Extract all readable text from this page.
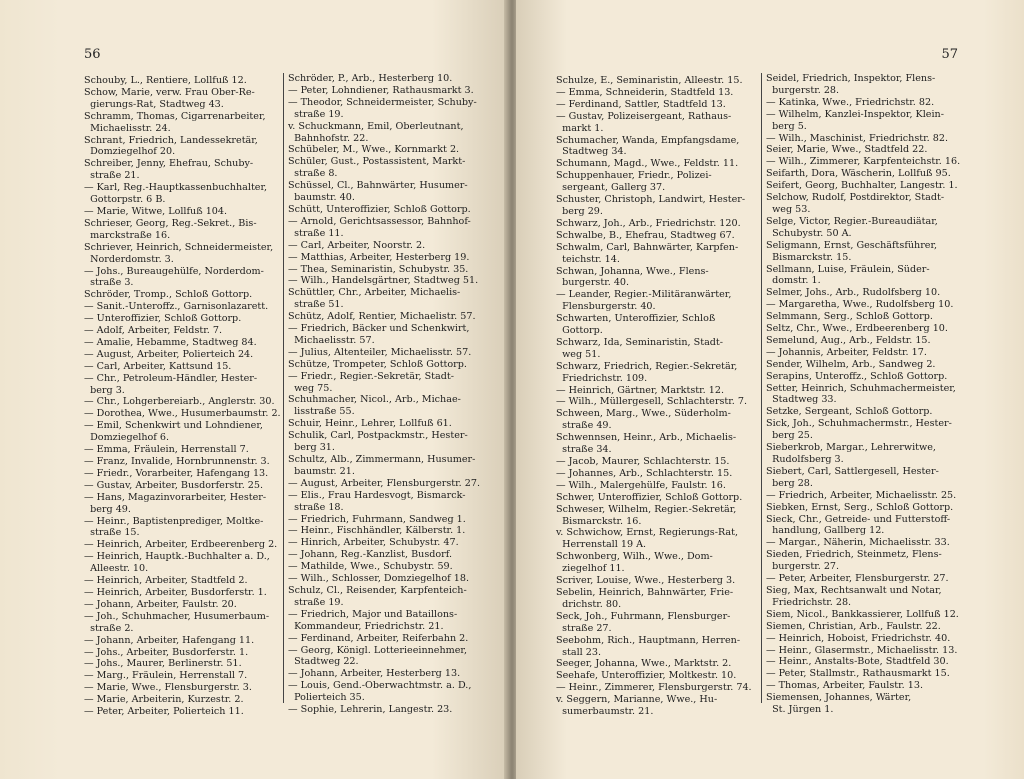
56
Schouby, L., Rentiere, Lollfuß 12.
Schow, Marie, verw. Frau Ober-Re-
gierungs-Rat, Stadtweg 43.
Schramm, Thomas, Cigarrenarbeiter,
Michaelisstr. 24.
Schrant, Friedrich, Landessekretär,
Domziegelhof 20.
Schreiber, Jenny, Ehefrau, Schuby-
straße 21.
— Karl, Reg.-Hauptkassenbuchhalter,
Gottorpstr. 6 B.
— Marie, Witwe, Lollfuß 104.
Schrieser, Georg, Reg.-Sekret., Bis-
marckstraße 16.
Schriever, Heinrich, Schneidermeister,
Norderdomstr. 3.
— Johs., Bureaugehülfe, Norderdom-
straße 3.
Schröder, Tromp., Schloß Gottorp.
— Sanit.-Unteroffz., Garnisonlazarett.
— Unteroffizier, Schloß Gottorp.
— Adolf, Arbeiter, Feldstr. 7.
— Amalie, Hebamme, Stadtweg 84.
— August, Arbeiter, Polierteich 24.
— Carl, Arbeiter, Kattsund 15.
— Chr., Petroleum-Händler, Hester-
berg 3.
— Chr., Lohgerbereiarb., Anglerstr. 30.
— Dorothea, Wwe., Husumerbaumstr. 2.
— Emil, Schenkwirt und Lohndiener,
Domziegelhof 6.
— Emma, Fräulein, Herrenstall 7.
— Franz, Invalide, Hornbrunnenstr. 3.
— Friedr., Vorarbeiter, Hafengang 13.
— Gustav, Arbeiter, Busdorferstr. 25.
— Hans, Magazinvorarbeiter, Hester-
berg 49.
— Heinr., Baptistenprediger, Moltke-
straße 15.
— Heinrich, Arbeiter, Erdbeerenberg 2.
— Heinrich, Hauptk.-Buchhalter a. D.,
Alleestr. 10.
— Heinrich, Arbeiter, Stadtfeld 2.
— Heinrich, Arbeiter, Busdorferstr. 1.
— Johann, Arbeiter, Faulstr. 20.
— Joh., Schuhmacher, Husumerbaum-
straße 2.
— Johann, Arbeiter, Hafengang 11.
— Johs., Arbeiter, Busdorferstr. 1.
— Johs., Maurer, Berlinerstr. 51.
— Marg., Fräulein, Herrenstall 7.
— Marie, Wwe., Flensburgerstr. 3.
— Marie, Arbeiterin, Kurzestr. 2.
— Peter, Arbeiter, Polierteich 11.
Schröder, P., Arb., Hesterberg 10.
— Peter, Lohndiener, Rathausmarkt 3.
— Theodor, Schneidermeister, Schuby-
straße 19.
v. Schuckmann, Emil, Oberleutnant,
Bahnhofstr. 22.
Schübeler, M., Wwe., Kornmarkt 2.
Schüler, Gust., Postassistent, Markt-
straße 8.
Schüssel, Cl., Bahnwärter, Husumer-
baumstr. 40.
Schütt, Unteroffizier, Schloß Gottorp.
— Arnold, Gerichtsassessor, Bahnhof-
straße 11.
— Carl, Arbeiter, Noorstr. 2.
— Matthias, Arbeiter, Hesterberg 19.
— Thea, Seminaristin, Schubystr. 35.
— Wilh., Handelsgärtner, Stadtweg 51.
Schüttler, Chr., Arbeiter, Michaelis-
straße 51.
Schütz, Adolf, Rentier, Michaelistr. 57.
— Friedrich, Bäcker und Schenkwirt,
Michaelisstr. 57.
— Julius, Altenteiler, Michaelisstr. 57.
Schütze, Trompeter, Schloß Gottorp.
— Friedr., Regier.-Sekretär, Stadt-
weg 75.
Schuhmacher, Nicol., Arb., Michae-
lisstraße 55.
Schuir, Heinr., Lehrer, Lollfuß 61.
Schulik, Carl, Postpackmstr., Hester-
berg 31.
Schultz, Alb., Zimmermann, Husumer-
baumstr. 21.
— August, Arbeiter, Flensburgerstr. 27.
— Elis., Frau Hardesvogt, Bismarck-
straße 18.
— Friedrich, Fuhrmann, Sandweg 1.
— Heinr., Fischhändler, Kälberstr. 1.
— Hinrich, Arbeiter, Schubystr. 47.
— Johann, Reg.-Kanzlist, Busdorf.
— Mathilde, Wwe., Schubystr. 59.
— Wilh., Schlosser, Domziegelhof 18.
Schulz, Cl., Reisender, Karpfenteich-
straße 19.
— Friedrich, Major und Bataillons-
Kommandeur, Friedrichstr. 21.
— Ferdinand, Arbeiter, Reiferbahn 2.
— Georg, Königl. Lotterieeinnehmer,
Stadtweg 22.
— Johann, Arbeiter, Hesterberg 13.
— Louis, Gend.-Oberwachtmstr. a. D.,
Polierteich 35.
— Sophie, Lehrerin, Langestr. 23.
57
Schulze, E., Seminaristin, Alleestr. 15.
— Emma, Schneiderin, Stadtfeld 13.
— Ferdinand, Sattler, Stadtfeld 13.
— Gustav, Polizeisergeant, Rathaus-
markt 1.
Schumacher, Wanda, Empfangsdame,
Stadtweg 34.
Schumann, Magd., Wwe., Feldstr. 11.
Schuppenhauer, Friedr., Polizei-
sergeant, Gallerg 37.
Schuster, Christoph, Landwirt, Hester-
berg 29.
Schwarz, Joh., Arb., Friedrichstr. 120.
Schwalbe, B., Ehefrau, Stadtweg 67.
Schwalm, Carl, Bahnwärter, Karpfen-
teichstr. 14.
Schwan, Johanna, Wwe., Flens-
burgerstr. 40.
— Leander, Regier.-Militäranwärter,
Flensburgerstr. 40.
Schwarten, Unteroffizier, Schloß
Gottorp.
Schwarz, Ida, Seminaristin, Stadt-
weg 51.
Schwarz, Friedrich, Regier.-Sekretär,
Friedrichstr. 109.
— Heinrich, Gärtner, Marktstr. 12.
— Wilh., Müllergesell, Schlachterstr. 7.
Schween, Marg., Wwe., Süderholm-
straße 49.
Schwennsen, Heinr., Arb., Michaelis-
straße 34.
— Jacob, Maurer, Schlachterstr. 15.
— Johannes, Arb., Schlachterstr. 15.
— Wilh., Malergehülfe, Faulstr. 16.
Schwer, Unteroffizier, Schloß Gottorp.
Schweser, Wilhelm, Regier.-Sekretär,
Bismarckstr. 16.
v. Schwichow, Ernst, Regierungs-Rat,
Herrenstall 19 A.
Schwonberg, Wilh., Wwe., Dom-
ziegelhof 11.
Scriver, Louise, Wwe., Hesterberg 3.
Sebelin, Heinrich, Bahnwärter, Frie-
drichstr. 80.
Seck, Joh., Fuhrmann, Flensburger-
straße 27.
Seebohm, Rich., Hauptmann, Herren-
stall 23.
Seeger, Johanna, Wwe., Marktstr. 2.
Seehafe, Unteroffizier, Moltkestr. 10.
— Heinr., Zimmerer, Flensburgerstr. 74.
v. Seggern, Marianne, Wwe., Hu-
sumerbaumstr. 21.
Seidel, Friedrich, Inspektor, Flens-
burgerstr. 28.
— Katinka, Wwe., Friedrichstr. 82.
— Wilhelm, Kanzlei-Inspektor, Klein-
berg 5.
— Wilh., Maschinist, Friedrichstr. 82.
Seier, Marie, Wwe., Stadtfeld 22.
— Wilh., Zimmerer, Karpfenteichstr. 16.
Seifarth, Dora, Wäscherin, Lollfuß 95.
Seifert, Georg, Buchhalter, Langestr. 1.
Selchow, Rudolf, Postdirektor, Stadt-
weg 53.
Selge, Victor, Regier.-Bureaudiätar,
Schubystr. 50 A.
Seligmann, Ernst, Geschäftsführer,
Bismarckstr. 15.
Sellmann, Luise, Fräulein, Süder-
domstr. 1.
Selmer, Johs., Arb., Rudolfsberg 10.
— Margaretha, Wwe., Rudolfsberg 10.
Selmmann, Serg., Schloß Gottorp.
Seltz, Chr., Wwe., Erdbeerenberg 10.
Semelund, Aug., Arb., Feldstr. 15.
— Johannis, Arbeiter, Feldstr. 17.
Sender, Wilhelm, Arb., Sandweg 2.
Serapins, Unteroffz., Schloß Gottorp.
Setter, Heinrich, Schuhmachermeister,
Stadtweg 33.
Setzke, Sergeant, Schloß Gottorp.
Sick, Joh., Schuhmachermstr., Hester-
berg 25.
Sieberkrob, Margar., Lehrerwitwe,
Rudolfsberg 3.
Siebert, Carl, Sattlergesell, Hester-
berg 28.
— Friedrich, Arbeiter, Michaelisstr. 25.
Siebken, Ernst, Serg., Schloß Gottorp.
Sieck, Chr., Getreide- und Futterstoff-
handlung, Gallberg 12.
— Margar., Näherin, Michaelisstr. 33.
Sieden, Friedrich, Steinmetz, Flens-
burgerstr. 27.
— Peter, Arbeiter, Flensburgerstr. 27.
Sieg, Max, Rechtsanwalt und Notar,
Friedrichstr. 28.
Siem, Nicol., Bankkassierer, Lollfuß 12.
Siemen, Christian, Arb., Faulstr. 22.
— Heinrich, Hoboist, Friedrichstr. 40.
— Heinr., Glasermstr., Michaelisstr. 13.
— Heinr., Anstalts-Bote, Stadtfeld 30.
— Peter, Stallmstr., Rathausmarkt 15.
— Thomas, Arbeiter, Faulstr. 13.
Siemensen, Johannes, Wärter,
St. Jürgen 1.
